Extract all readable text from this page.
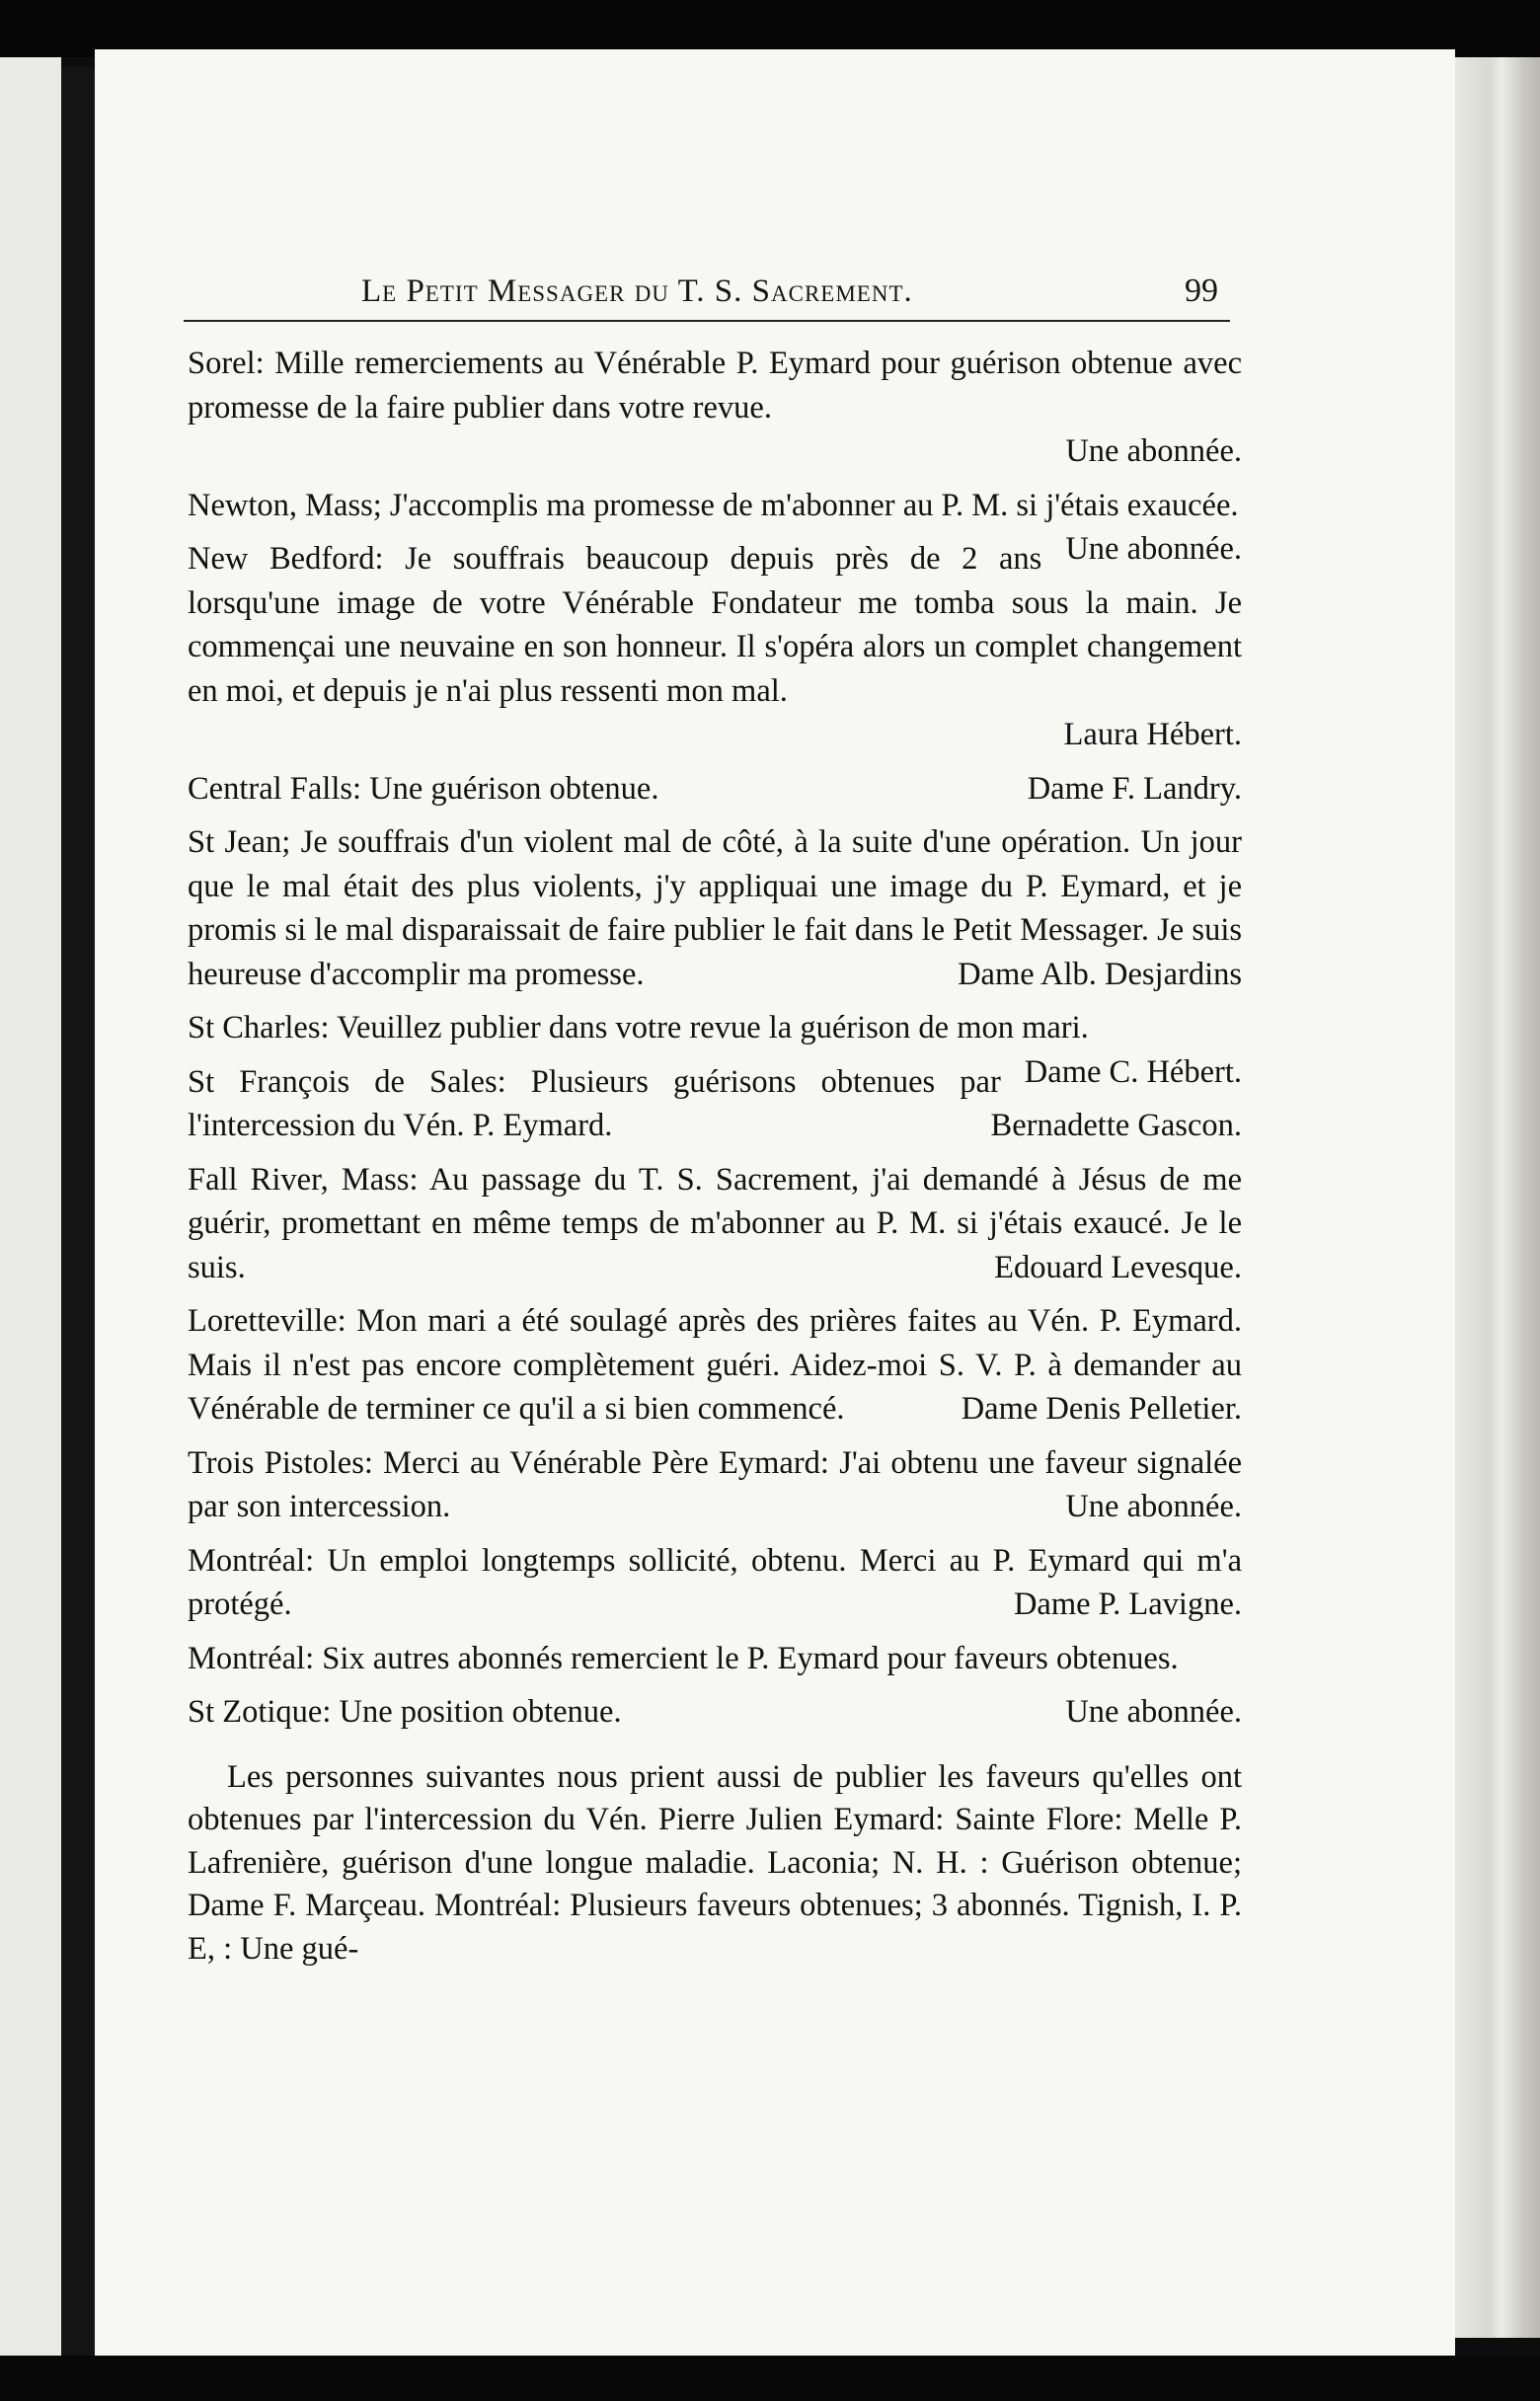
Le Petit Messager du T. S. Sacrement.	99
Sorel: Mille remerciements au Vénérable P. Eymard pour guérison obtenue avec promesse de la faire publier dans votre revue.
Une abonnée.
Newton, Mass; J'accomplis ma promesse de m'abonner au P. M. si j'étais exaucée.
Une abonnée.
New Bedford: Je souffrais beaucoup depuis près de 2 ans lorsqu'une image de votre Vénérable Fondateur me tomba sous la main. Je commençai une neuvaine en son honneur. Il s'opéra alors un complet changement en moi, et depuis je n'ai plus ressenti mon mal.
Laura Hébert.
Central Falls: Une guérison obtenue.	Dame F. Landry.
St Jean; Je souffrais d'un violent mal de côté, à la suite d'une opération. Un jour que le mal était des plus violents, j'y appliquai une image du P. Eymard, et je promis si le mal disparaissait de faire publier le fait dans le Petit Messager. Je suis heureuse d'accomplir ma promesse.	Dame Alb. Desjardins
St Charles: Veuillez publier dans votre revue la guérison de mon mari.
Dame C. Hébert.
St François de Sales: Plusieurs guérisons obtenues par l'intercession du Vén. P. Eymard.	Bernadette Gascon.
Fall River, Mass: Au passage du T. S. Sacrement, j'ai demandé à Jésus de me guérir, promettant en même temps de m'abonner au P. M. si j'étais exaucé. Je le suis.	Edouard Levesque.
Loretteville: Mon mari a été soulagé après des prières faites au Vén. P. Eymard. Mais il n'est pas encore complètement guéri. Aidez-moi S. V. P. à demander au Vénérable de terminer ce qu'il a si bien commencé.	Dame Denis Pelletier.
Trois Pistoles: Merci au Vénérable Père Eymard: J'ai obtenu une faveur signalée par son intercession.	Une abonnée.
Montréal: Un emploi longtemps sollicité, obtenu. Merci au P. Eymard qui m'a protégé.	Dame P. Lavigne.
Montréal: Six autres abonnés remercient le P. Eymard pour faveurs obtenues.
St Zotique: Une position obtenue.	Une abonnée.

Les personnes suivantes nous prient aussi de publier les faveurs qu'elles ont obtenues par l'intercession du Vén. Pierre Julien Eymard: Sainte Flore: Melle P. Lafrenière, guérison d'une longue maladie. Laconia; N. H. : Guérison obtenue; Dame F. Marçeau. Montréal: Plusieurs faveurs obtenues; 3 abonnés. Tignish, I. P. E, : Une gué-
